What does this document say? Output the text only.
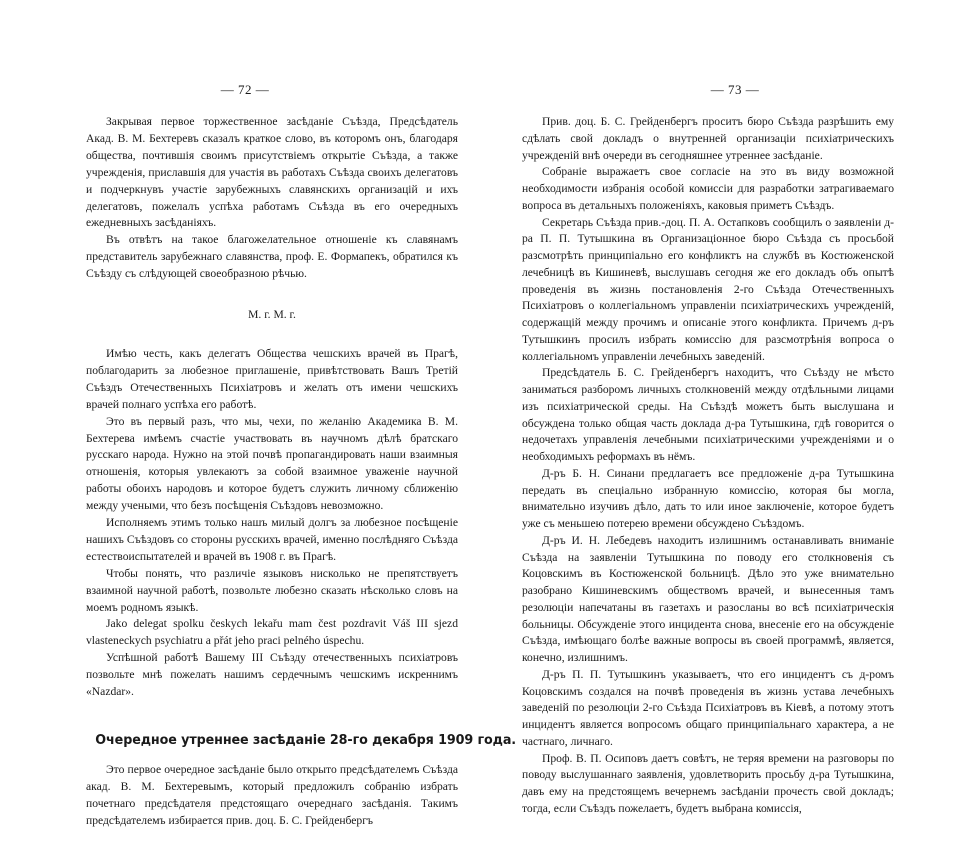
— 72 —

Закрывая первое торжественное засѣданіе Съѣзда, Предсѣдатель Акад. В. М. Бехтеревъ сказалъ краткое слово, въ которомъ онъ, благодаря общества, почтившія своимъ присутствіемъ открытіе Съѣзда, а также учрежденія, приславшія для участія въ работахъ Съѣзда своихъ делегатовъ и подчеркнувъ участіе зарубежныхъ славянскихъ организацій и ихъ делегатовъ, пожелалъ успѣха работамъ Съѣзда въ его очередныхъ ежедневныхъ засѣданіяхъ.

Въ отвѣтъ на такое благожелательное отношеніе къ славянамъ представитель зарубежнаго славянства, проф. Е. Формапекъ, обратился къ Съѣзду съ слѣдующей своеобразною рѣчью.

М. г. М. г.

Имѣю честь, какъ делегатъ Общества чешскихъ врачей въ Прагѣ, поблагодарить за любезное приглашеніе, привѣтствовать Вашъ Третій Съѣздъ Отечественныхъ Психіатровъ и желать отъ имени чешскихъ врачей полнаго успѣха его работѣ.

Это въ первый разъ, что мы, чехи, по желанію Академика В. М. Бехтерева имѣемъ счастіе участвовать въ научномъ дѣлѣ братскаго русскаго народа. Нужно на этой почвѣ пропагандировать наши взаимныя отношенія, которыя увлекаютъ за собой взаимное уваженіе научной работы обоихъ народовъ и которое будетъ служить личному сближенію между учеными, что безъ посѣщенія Съѣздовъ невозможно.

Исполняемъ этимъ только нашъ милый долгъ за любезное посѣщеніе нашихъ Съѣздовъ со стороны русскихъ врачей, именно послѣдняго Съѣзда естествоиспытателей и врачей въ 1908 г. въ Прагѣ.

Чтобы понять, что различіе языковъ нисколько не препятствуетъ взаимной научной работѣ, позвольте любезно сказать нѣсколько словъ на моемъ родномъ языкѣ.

Jako delegat spolku českych lekařu mam čest pozdravit Váš III sjezd vlasteneckych psychiatru a přát jeho praci pelného úspechu.

Успѣшной работѣ Вашему III Съѣзду отечественныхъ психіатровъ позвольте мнѣ пожелать нашимъ сердечнымъ чешскимъ искреннимъ «Nazdar».

Очередное утреннее засѣданіе 28-го декабря 1909 года.

Это первое очередное засѣданіе было открыто предсѣдателемъ Съѣзда акад. В. М. Бехтеревымъ, который предложилъ собранію избрать почетнаго предсѣдателя предстоящаго очереднаго засѣданія. Такимъ предсѣдателемъ избирается прив. доц. Б. С. Грейденбергъ

— 73 —

Прив. доц. Б. С. Грейденбергъ проситъ бюро Съѣзда разрѣшить ему сдѣлать свой докладъ о внутренней организаціи психіатрическихъ учрежденій внѣ очереди въ сегодняшнее утреннее засѣданіе.

Собраніе выражаетъ свое согласіе на это въ виду возможной необходимости избранія особой комиссіи для разработки затрагиваемаго вопроса въ детальныхъ положеніяхъ, каковыя приметъ Съѣздъ.

Секретарь Съѣзда прив.-доц. П. А. Остапковъ сообщилъ о заявленіи д-ра П. П. Тутышкина въ Организаціонное бюро Съѣзда съ просьбой разсмотрѣть принципіально его конфликтъ на службѣ въ Костюженской лечебницѣ въ Кишиневѣ, выслушавъ сегодня же его докладъ объ опытѣ проведенія въ жизнь постановленія 2-го Съѣзда Отечественныхъ Психіатровъ о коллегіальномъ управленіи психіатрическихъ учрежденій, содержащій между прочимъ и описаніе этого конфликта. Причемъ д-ръ Тутышкинъ просилъ избрать комиссію для разсмотрѣнія вопроса о коллегіальномъ управленіи лечебныхъ заведеній.

Предсѣдатель Б. С. Грейденбергъ находитъ, что Съѣзду не мѣсто заниматься разборомъ личныхъ столкновеній между отдѣльными лицами изъ психіатрической среды. На Съѣздѣ можетъ быть выслушана и обсуждена только общая часть доклада д-ра Тутышкина, гдѣ говорится о недочетахъ управленія лечебными психіатрическими учрежденіями и о необходимыхъ реформахъ въ нёмъ.

Д-ръ Б. Н. Синани предлагаетъ все предложеніе д-ра Тутышкина передать въ спеціально избранную комиссію, которая бы могла, внимательно изучивъ дѣло, дать то или иное заключеніе, которое будетъ уже съ меньшею потерею времени обсуждено Съѣздомъ.

Д-ръ И. Н. Лебедевъ находитъ излишнимъ останавливать вниманіе Съѣзда на заявленіи Тутышкина по поводу его столкновенія съ Коцовскимъ въ Костюженской больницѣ. Дѣло это уже внимательно разобрано Кишиневскимъ обществомъ врачей, и вынесенныя тамъ резолюціи напечатаны въ газетахъ и разосланы во всѣ психіатрическія больницы. Обсужденіе этого инцидента снова, внесеніе его на обсужденіе Съѣзда, имѣющаго болѣе важные вопросы въ своей программѣ, является, конечно, излишнимъ.

Д-ръ П. П. Тутышкинъ указываетъ, что его инцидентъ съ д-ромъ Коцовскимъ создался на почвѣ проведенія въ жизнь устава лечебныхъ заведеній по резолюціи 2-го Съѣзда Психіатровъ въ Кіевѣ, а потому этотъ инцидентъ является вопросомъ общаго принципіальнаго характера, а не частнаго, личнаго.

Проф. В. П. Осиповъ даетъ совѣтъ, не теряя времени на разговоры по поводу выслушаннаго заявленія, удовлетворить просьбу д-ра Тутышкина, давъ ему на предстоящемъ вечернемъ засѣданіи прочесть свой докладъ; тогда, если Съѣздъ пожелаетъ, будетъ выбрана комиссія,
